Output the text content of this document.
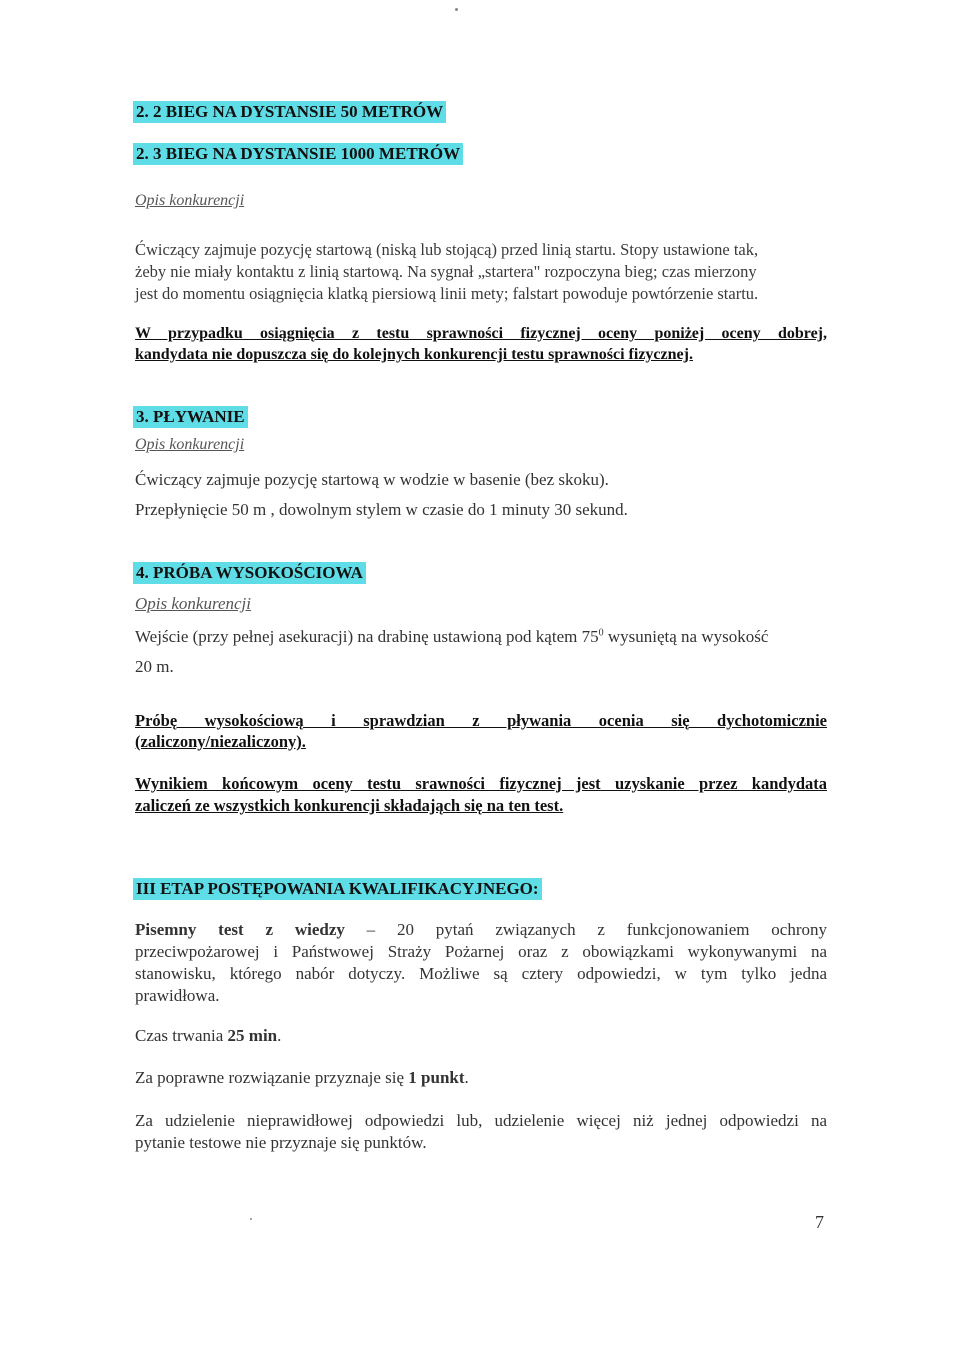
2. 2 BIEG NA DYSTANSIE 50 METRÓW
2. 3 BIEG NA DYSTANSIE 1000 METRÓW
Opis konkurencji
Ćwiczący zajmuje pozycję startową (niską lub stojącą) przed linią startu. Stopy ustawione tak,
żeby nie miały kontaktu z linią startową. Na sygnał „startera" rozpoczyna bieg; czas mierzony
jest do momentu osiągnięcia klatką piersiową linii mety; falstart powoduje powtórzenie startu.
W przypadku osiągnięcia z testu sprawności fizycznej oceny poniżej oceny dobrej,
kandydata nie dopuszcza się do kolejnych konkurencji testu sprawności fizycznej.
3. PŁYWANIE
Opis konkurencji
Ćwiczący zajmuje pozycję startową w wodzie w basenie (bez skoku).
Przepłynięcie 50 m , dowolnym stylem w czasie do 1 minuty 30 sekund.
4. PRÓBA WYSOKOŚCIOWA
Opis konkurencji
Wejście (przy pełnej asekuracji) na drabinę ustawioną pod kątem $75^0$ wysuniętą na wysokość
20 m.
Próbę wysokościową i sprawdzian z pływania ocenia się dychotomicznie
(zaliczony/niezaliczony).
Wynikiem końcowym oceny testu srawności fizycznej jest uzyskanie przez kandydata
zaliczeń ze wszystkich konkurencji składająch się na ten test.
III ETAP POSTĘPOWANIA KWALIFIKACYJNEGO:
Pisemny test z wiedzy – 20 pytań związanych z funkcjonowaniem ochrony
przeciwpożarowej i Państwowej Straży Pożarnej oraz z obowiązkami wykonywanymi na
stanowisku, którego nabór dotyczy. Możliwe są cztery odpowiedzi, w tym tylko jedna
prawidłowa.
Czas trwania 25 min.
Za poprawne rozwiązanie przyznaje się 1 punkt.
Za udzielenie nieprawidłowej odpowiedzi lub, udzielenie więcej niż jednej odpowiedzi na
pytanie testowe nie przyznaje się punktów.
7
